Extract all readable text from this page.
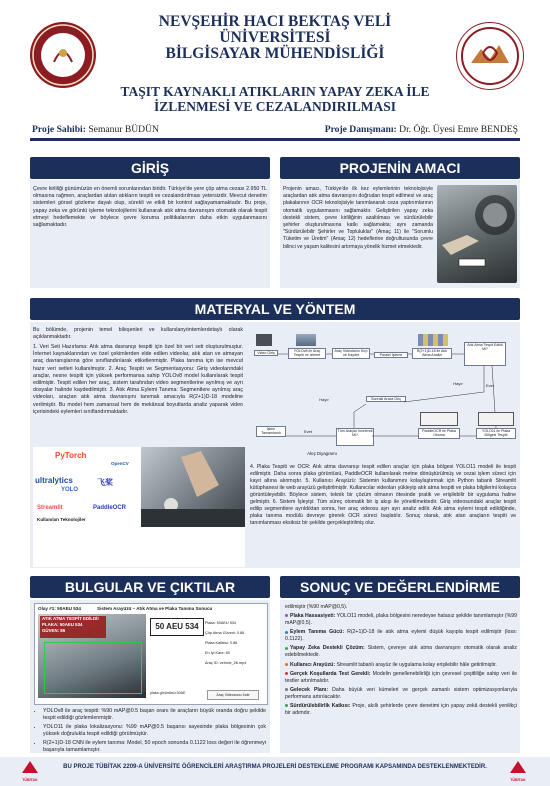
NEVŞEHİR HACI BEKTAŞ VELİ
ÜNİVERSİTESİ
BİLGİSAYAR MÜHENDİSLİĞİ
TAŞIT KAYNAKLI ATIKLARIN YAPAY ZEKA İLE
İZLENMESİ VE CEZALANDIRILMASI
Proje Sahibi: Semanur BÜDÜN	Proje Danışmanı: Dr. Öğr. Üyesi Emre BENDEŞ
GİRİŞ
Çevre kirliliği günümüzün en önemli sorunlarından biridir. Türkiye'de yere çöp atma cezası 2.950 TL olmasına rağmen, araçlardan atılan atıkların tespiti ve cezalandırılması yetersizdir. Mevcut denetim sistemleri görsel gözleme dayalı olup, sürekli ve etkili bir kontrol sağlayamamaktadır. Bu proje, yapay zeka ve görüntü işleme teknolojilerini kullanarak atık atma davranışını otomatik olarak tespit etmeyi hedeflemekte ve böylece çevre koruma politikalarının daha etkin uygulanmasını sağlamaktadır.
PROJENİN AMACI
Projenin amacı, Türkiye'de ilk kez eylemlerinin teknolojisiyle araçlardan atık atma davranışını doğrudan tespit edilmesi ve araç plakalarının OCR teknolojisiyle tanımlanarak ceza yaptırımlarının otomatik uygulanmasını sağlamaktır. Geliştirilen yapay zeka destekli sistem, çevre kirliliğinin azaltılması ve sürdürülebilir şehirler oluşturulmasına katkı sağlamakta; aynı zamanda "Sürdürülebilir Şehirler ve Topluluklar" (Amaç 11) ile "Sorumlu Tüketim ve Üretim" (Amaç 12) hedeflerine doğrultusunda çevre bilinci ve yaşam kalitesini artırmaya yönelik hizmet etmektedir.
MATERYAL VE YÖNTEM
Bu bölümde, projenin temel bileşenleri ve kullanılanyöntemlerdetaylı olarak açıklanmaktadır.
1. Veri Seti Hazırlama: Atık atma davranışı tespiti için özel bir veri seti oluşturulmuştur. İnternet kaynaklarından ve özel çekimlerden elde edilen videolar, atık atan ve atmayan araç davranışlarına göre sınıflandırılarak etiketlenmiştir. Plaka tanıma için ise mevcut hazır veri setleri kullanılmıştır. 2. Araç Tespiti ve Segmentasyonu: Giriş videolarındaki araçlar, nesne tespiti için yüksek performansa sahip YOLOv8 model kullanılarak tespit edilmiştir. Tespit edilen her araç, sistem tarafından video segmentlerine ayrılmış ve ayrı dosyalar halinde kaydedilmiştir. 3. Atık Atma Eylemi Tanıma: Segmentlere ayrılmış araç videoları, araçtan atık atma davranışını tanımak amacıyla R(2+1)D-18 modeline verilmiştir. Bu model hem zamansal hem de mekânsal boyutlarda analiz yaparak video içerisindeki eylemleri sınıflandırmaktadır.
PyTorch
OpenCV
ultralytics
YOLO
飞桨
Streamlit	PaddleOCR
Kullanılan Teknolojiler
Video Giriş	YOLOv8 ile Araç Tespiti ve İzleme
Araç Videolarını Kırp ve Kaydet	Paralel İşleme
R(2+1)D-18 ile Atık Atma Analizi
Atık Atma Tespit Edildi Mi?
Hayır	Evet
Sonraki Araca Geç
Hayır
Tüm Araçlar İncelendi Mi?
Evet
İşlem Tamamlandı
YOLO11 ile Plaka Bölgesi Tespiti
PaddleOCR ile Plaka Okuma
Akış Diyagramı
4. Plaka Tespiti ve OCR: Atık atma davranışı tespit edilen araçlar için plaka bölgesi YOLO11 modeli ile tespit edilmiştir. Daha sonra plaka görüntüsü, PaddleOCR kullanılarak metne dönüştürülmüş ve cezai işlem süreci için kayıt altına alınmıştır. 5. Kullanıcı Arayüzü: Sistemin kullanımını kolaylaştırmak için Python tabanlı Streamlit kütüphanesi ile web arayüzü geliştirilmiştir. Kullanıcılar videoları yükleyip atık atma tespiti ve plaka bilgilerini kolayca görüntüleyebilir. Böylece sistem, teknik bir çözüm olmanın ötesinde pratik ve erişilebilir bir uygulama haline gelmiştir. 6. Sistem İşleyişi: Tüm süreç otomatik bir iş akışı ile yönetilmektedir. Giriş videosundaki araçlar tespit edilip segmentlere ayrıldıktan sonra, her araç videosu ayrı ayrı analiz edilir. Atık atma eylemi tespit edildiğinde, plaka tanıma modülü devreye girerek OCR süreci başlatılır. Sonuç olarak, atık atan araçların tespiti ve tanımlanması eksiksiz bir şekilde gerçekleştirilmiş olur.
BULGULAR VE ÇIKTILAR
Olay #1: 50AEU 534	Sistem Arayüzü – Atık Atma ve Plaka Tanıma Sonucu
ATIK ATMA TESPİT EDİLDİ!
PLAKA: 50AEU 534
GÜVEN: 86	50 AEU 534
plaka görüntüsü 50AE
Plaka: 50AEU 534
Çöp Atma Güveni: 0.86
Plaka Kalitesi: 0.86
En İyi Kare: 60
Araç ID: vehicle_26.mp4
Araç Videosunu İndir
• YOLOv8 ile araç tespiti: %90 mAP@0.5 başarı oranı ile araçların büyük oranda doğru şekilde tespit edildiği gözlemlenmiştir.
• YOLO11 ile plaka lokalizasyonu: %99 mAP@0.5 başarısı sayesinde plaka bölgesinin çok yüksek doğrulukla tespit edildiği görülmüştür.
• R(2+1)D-18 CNN ile eylem tanıma: Model, 50 epoch sonunda 0.1122 loss değeri ile öğrenmeyi başarıyla tamamlamıştır.
SONUÇ VE DEĞERLENDİRME
edilmiştir (%90 mAP@0,5).
Plaka Hassasiyeti: YOLO11 modeli, plaka bölgesini neredeyse hatasız şekilde tanımlamıştır (%99 mAP@0,5).
Eylem Tanıma Gücü: R(2+1)D-18 ile atık atma eylemi düşük kayıpla tespit edilmiştir (loss: 0.1122).
Yapay Zeka Destekli Çözüm: Sistem, çevreye atık atma davranışını otomatik olarak analiz edebilmektedir.
Kullanıcı Arayüzü: Streamlit tabanlı arayüz ile uygulama kolay erişilebilir hâle getirilmiştir.
Gerçek Koşullarda Test Gerekli: Modelin genellenebilirliği için çevresel çeşitliliğe sahip veri ile testler artırılmalıdır.
Gelecek Planı: Daha büyük veri kümeleri ve gerçek zamanlı sistem optimizasyonlarıyla performans artırılacaktır.
Sürdürülebilirlik Katkısı: Proje, akıllı şehirlerde çevre denetimi için yapay zekâ destekli yenilikçi bir adımdır.
TÜBİTAK
BU PROJE TÜBİTAK 2209-A ÜNİVERSİTE ÖĞRENCİLERİ ARAŞTIRMA PROJELERİ DESTEKLEME PROGRAMI KAPSAMINDA DESTEKLENMEKTEDİR.
TÜBİTAK
